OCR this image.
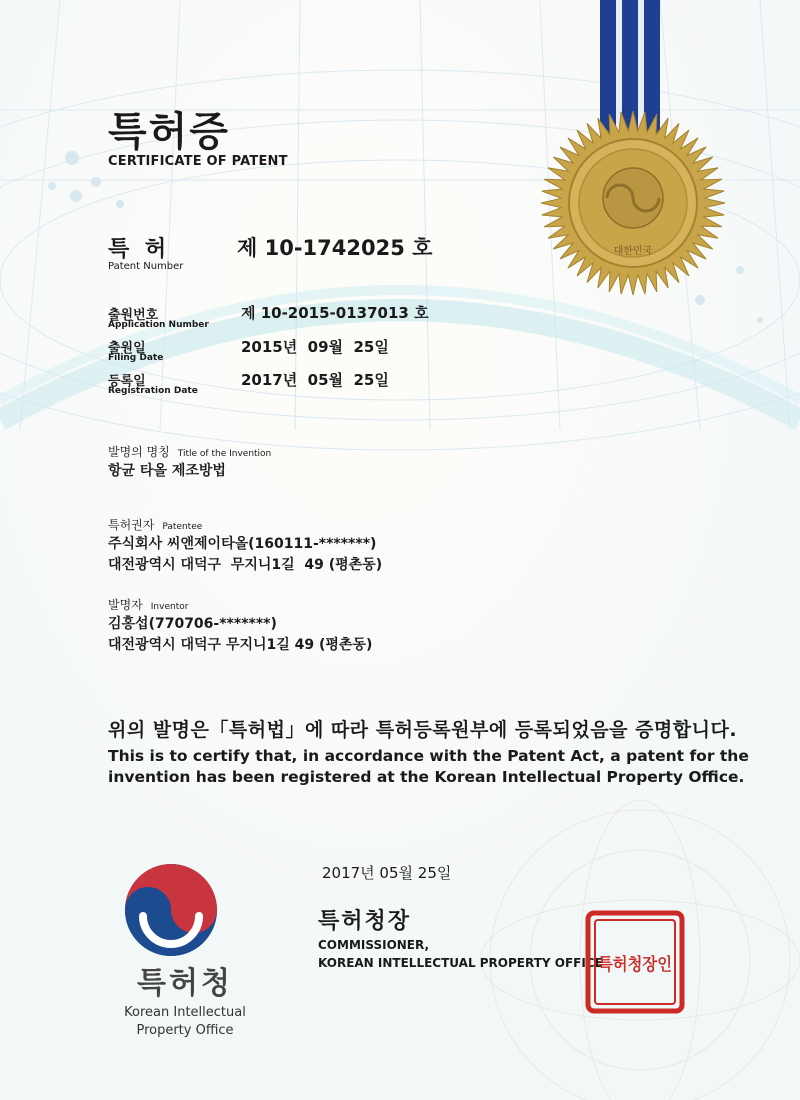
대한민국
특허증
CERTIFICATE OF PATENT
특 허
Patent Number
제 10-1742025 호
출원번호
Application Number
제 10-2015-0137013 호
출원일
Filing Date
2015년  09월  25일
등록일
Registration Date
2017년  05월  25일
발명의 명칭 Title of the Invention
항균 타올 제조방법
특허권자 Patentee
주식회사 씨앤제이타올(160111-*******)
대전광역시 대덕구  무지니1길  49 (평촌동)
발명자 Inventor
김홍섭(770706-*******)
대전광역시 대덕구 무지니1길 49 (평촌동)
위의 발명은「특허법」에 따라 특허등록원부에 등록되었음을 증명합니다.
This is to certify that, in accordance with the Patent Act, a patent for the invention has been registered at the Korean Intellectual Property Office.
특허청
Korean Intellectual
Property Office
2017년 05월 25일
특허청장
COMMISSIONER,
KOREAN INTELLECTUAL PROPERTY OFFICE
특허청장인
